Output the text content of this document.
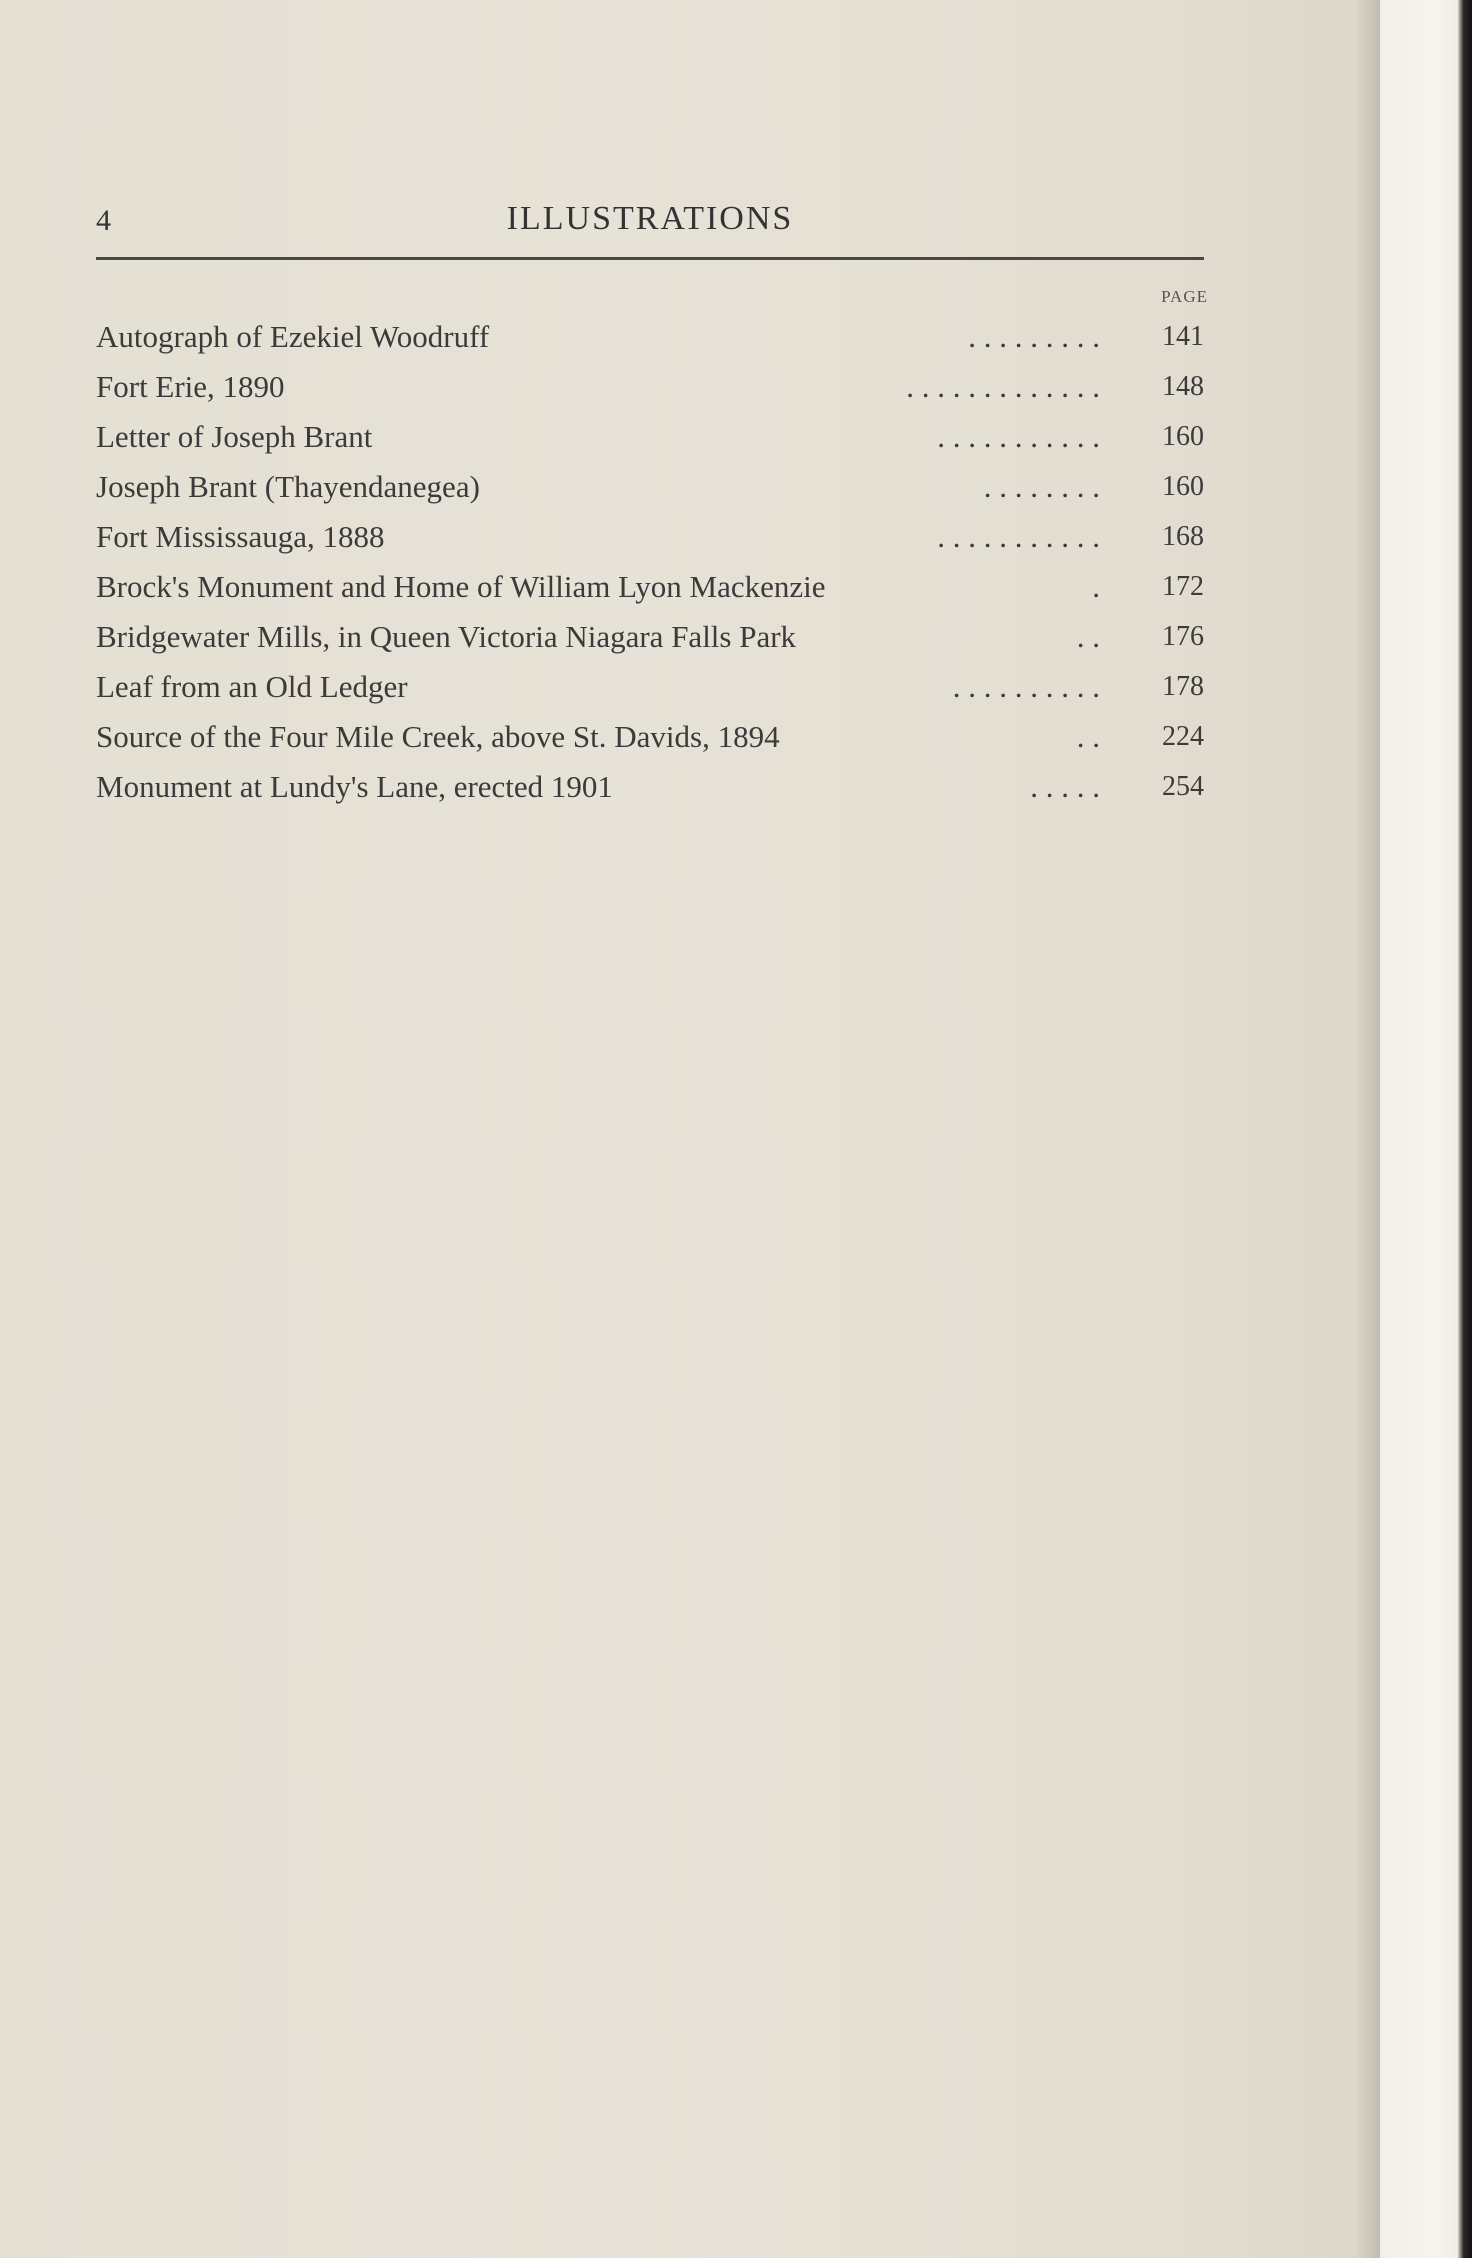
4	ILLUSTRATIONS
PAGE
Autograph of Ezekiel Woodruff	. . . . . . . . .	141
Fort Erie, 1890	. . . . . . . . . . . . .	148
Letter of Joseph Brant	. . . . . . . . . . .	160
Joseph Brant (Thayendanegea)	. . . . . . . .	160
Fort Mississauga, 1888	. . . . . . . . . . .	168
Brock's Monument and Home of William Lyon Mackenzie	.	172
Bridgewater Mills, in Queen Victoria Niagara Falls Park	. .	176
Leaf from an Old Ledger	. . . . . . . . . .	178
Source of the Four Mile Creek, above St. Davids, 1894	. .	224
Monument at Lundy's Lane, erected 1901	. . . . .	254
